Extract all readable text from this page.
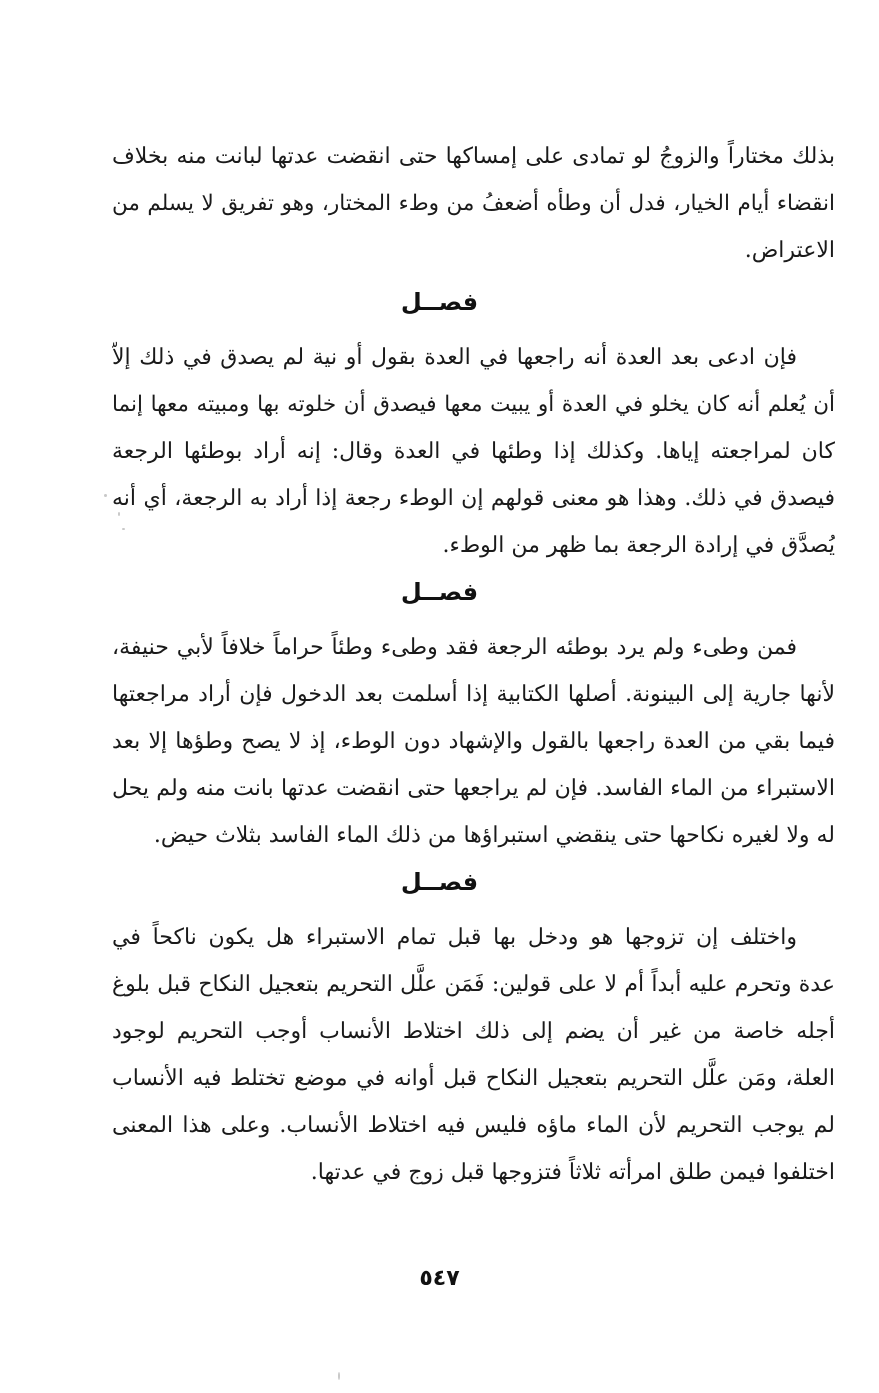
بذلك مختاراً والزوجُ لو تمادى على إمساكها حتى انقضت عدتها لبانت منه بخلاف
انقضاء أيام الخيار، فدل أن وطأه أضعفُ من وطء المختار، وهو تفريق لا يسلم من
الاعتراض.
فصــل
فإن ادعى بعد العدة أنه راجعها في العدة بقول أو نية لم يصدق في ذلك إلاّ
أن يُعلم أنه كان يخلو في العدة أو يبيت معها فيصدق أن خلوته بها ومبيته معها إنما
كان لمراجعته إياها. وكذلك إذا وطئها في العدة وقال: إنه أراد بوطئها الرجعة
فيصدق في ذلك. وهذا هو معنى قولهم إن الوطء رجعة إذا أراد به الرجعة، أي أنه
يُصدَّق في إرادة الرجعة بما ظهر من الوطء.
فصــل
فمن وطىء ولم يرد بوطئه الرجعة فقد وطىء وطئاً حراماً خلافاً لأبي حنيفة،
لأنها جارية إلى البينونة. أصلها الكتابية إذا أسلمت بعد الدخول فإن أراد مراجعتها
فيما بقي من العدة راجعها بالقول والإشهاد دون الوطء، إذ لا يصح وطؤها إلا بعد
الاستبراء من الماء الفاسد. فإن لم يراجعها حتى انقضت عدتها بانت منه ولم يحل
له ولا لغيره نكاحها حتى ينقضي استبراؤها من ذلك الماء الفاسد بثلاث حيض.
فصــل
واختلف إن تزوجها هو ودخل بها قبل تمام الاستبراء هل يكون ناكحاً في
عدة وتحرم عليه أبداً أم لا على قولين: فَمَن علَّل التحريم بتعجيل النكاح قبل بلوغ
أجله خاصة من غير أن يضم إلى ذلك اختلاط الأنساب أوجب التحريم لوجود
العلة، ومَن علَّل التحريم بتعجيل النكاح قبل أوانه في موضع تختلط فيه الأنساب
لم يوجب التحريم لأن الماء ماؤه فليس فيه اختلاط الأنساب. وعلى هذا المعنى
اختلفوا فيمن طلق امرأته ثلاثاً فتزوجها قبل زوج في عدتها.
٥٤٧
